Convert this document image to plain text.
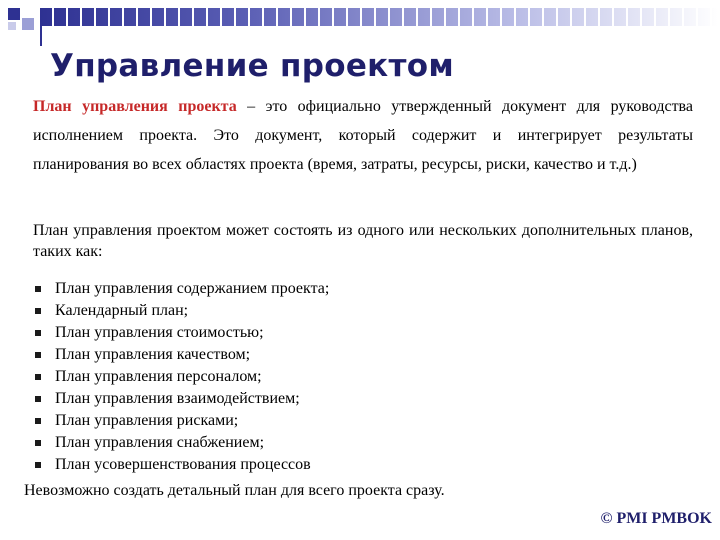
Управление проектом
План управления проекта – это официально утвержденный документ для руководства исполнением проекта. Это документ, который содержит и интегрирует результаты планирования во всех областях проекта (время, затраты, ресурсы, риски, качество и т.д.)
План управления проектом может состоять из одного или нескольких дополнительных планов, таких как:
План управления содержанием проекта;
Календарный план;
План управления стоимостью;
План управления качеством;
План управления персоналом;
План управления взаимодействием;
План управления рисками;
План управления снабжением;
План усовершенствования процессов
Невозможно создать детальный план для всего проекта сразу.
© PMI PMBOK
